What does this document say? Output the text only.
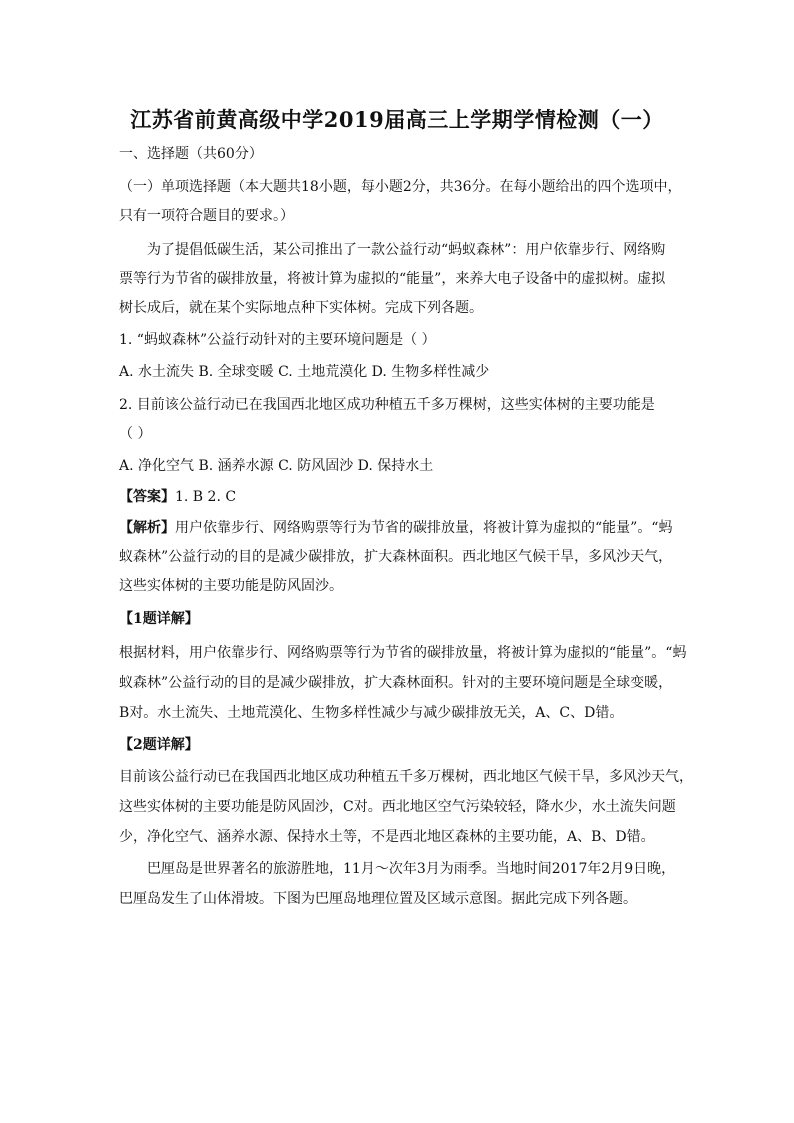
江苏省前黄高级中学2019届高三上学期学情检测（一）
一、选择题（共60分）
（一）单项选择题（本大题共18小题，每小题2分，共36分。在每小题给出的四个选项中，
只有一项符合题目的要求。）
为了提倡低碳生活，某公司推出了一款公益行动“蚂蚁森林”：用户依靠步行、网络购
票等行为节省的碳排放量，将被计算为虚拟的“能量”，来养大电子设备中的虚拟树。虚拟
树长成后，就在某个实际地点种下实体树。完成下列各题。
1. “蚂蚁森林”公益行动针对的主要环境问题是（ ）
A. 水土流失 B. 全球变暖 C. 土地荒漠化 D. 生物多样性减少
2. 目前该公益行动已在我国西北地区成功种植五千多万棵树，这些实体树的主要功能是
（ ）
A. 净化空气 B. 涵养水源 C. 防风固沙 D. 保持水土
【答案】1. B 2. C
【解析】用户依靠步行、网络购票等行为节省的碳排放量，将被计算为虚拟的“能量”。“蚂
蚁森林”公益行动的目的是减少碳排放，扩大森林面积。西北地区气候干旱，多风沙天气，
这些实体树的主要功能是防风固沙。
【1题详解】
根据材料，用户依靠步行、网络购票等行为节省的碳排放量，将被计算为虚拟的“能量”。“蚂
蚁森林”公益行动的目的是减少碳排放，扩大森林面积。针对的主要环境问题是全球变暖，
B对。水土流失、土地荒漠化、生物多样性减少与减少碳排放无关，A、C、D错。
【2题详解】
目前该公益行动已在我国西北地区成功种植五千多万棵树，西北地区气候干旱，多风沙天气，
这些实体树的主要功能是防风固沙，C对。西北地区空气污染较轻，降水少，水土流失问题
少，净化空气、涵养水源、保持水土等，不是西北地区森林的主要功能，A、B、D错。
巴厘岛是世界著名的旅游胜地，11月～次年3月为雨季。当地时间2017年2月9日晚，
巴厘岛发生了山体滑坡。下图为巴厘岛地理位置及区域示意图。据此完成下列各题。
